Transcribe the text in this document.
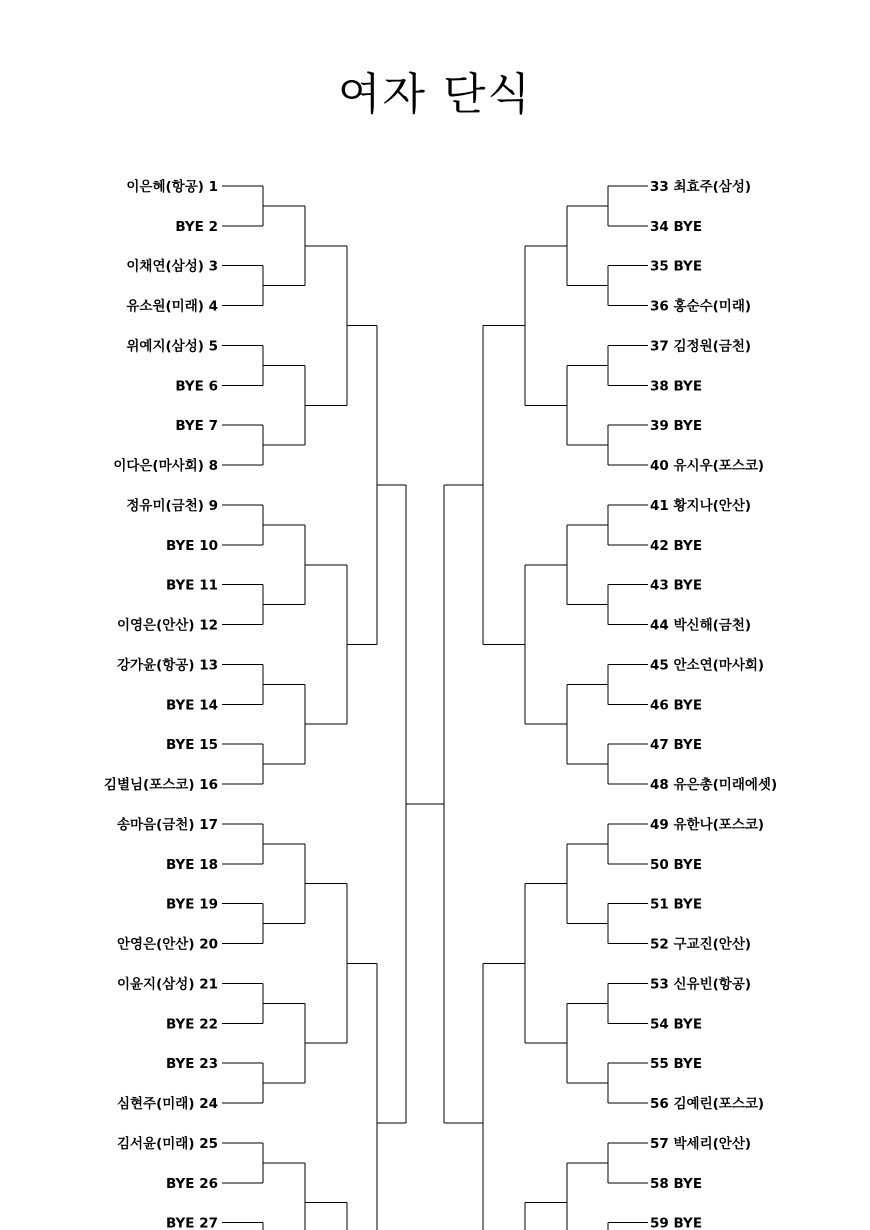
여자 단식
이은혜(항공) 1
BYE 2
이채연(삼성) 3
유소원(미래) 4
위예지(삼성) 5
BYE 6
BYE 7
이다은(마사회) 8
정유미(금천) 9
BYE 10
BYE 11
이영은(안산) 12
강가윤(항공) 13
BYE 14
BYE 15
김별님(포스코) 16
송마음(금천) 17
BYE 18
BYE 19
안영은(안산) 20
이윤지(삼성) 21
BYE 22
BYE 23
심현주(미래) 24
김서윤(미래) 25
BYE 26
BYE 27
33 최효주(삼성)
34 BYE
35 BYE
36 홍순수(미래)
37 김정원(금천)
38 BYE
39 BYE
40 유시우(포스코)
41 황지나(안산)
42 BYE
43 BYE
44 박신해(금천)
45 안소연(마사회)
46 BYE
47 BYE
48 유은총(미래에셋)
49 유한나(포스코)
50 BYE
51 BYE
52 구교진(안산)
53 신유빈(항공)
54 BYE
55 BYE
56 김예린(포스코)
57 박세리(안산)
58 BYE
59 BYE
